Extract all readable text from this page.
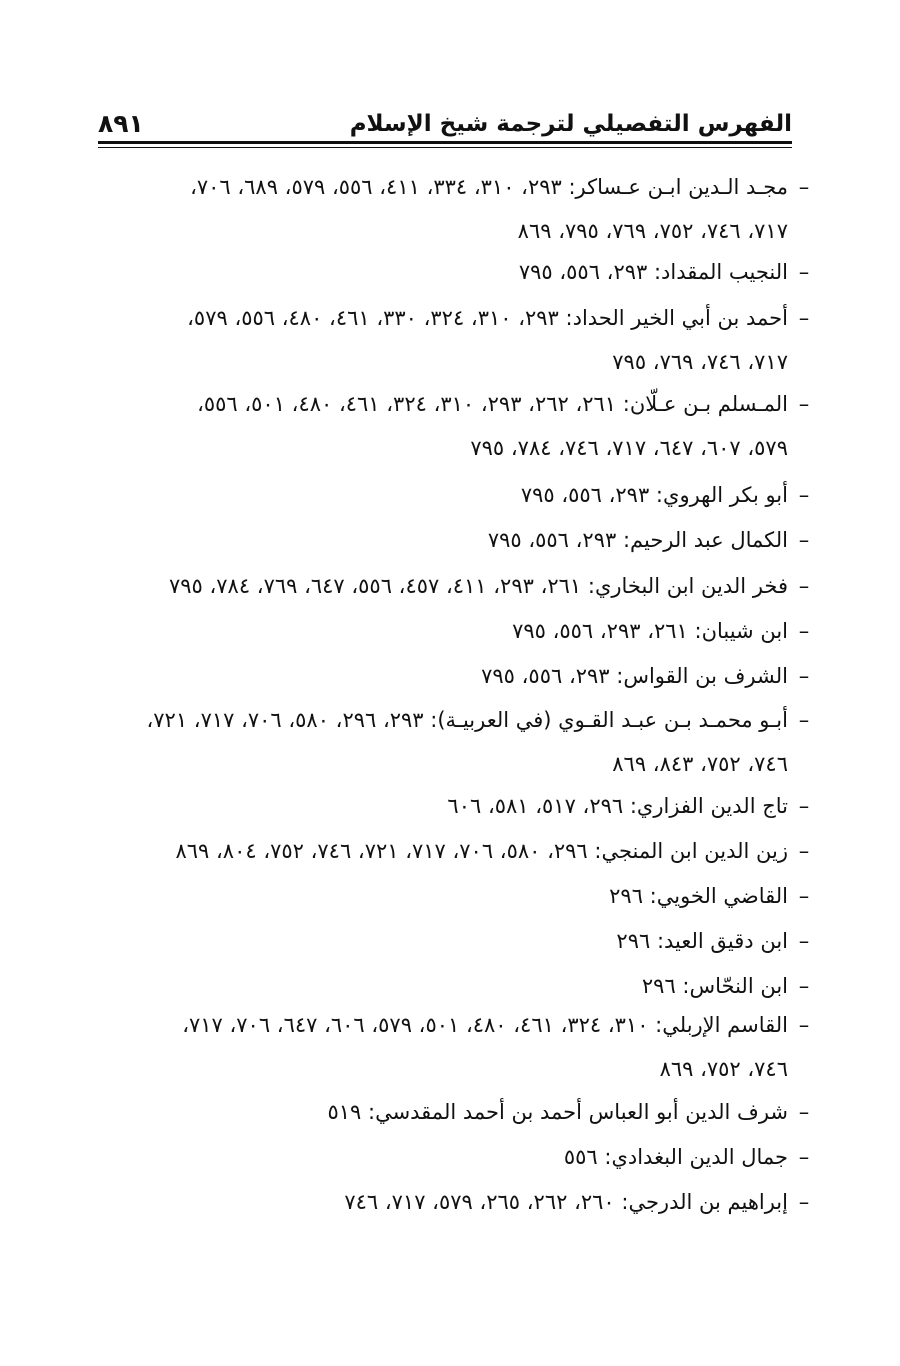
الفهرس التفصيلي لترجمة شيخ الإسلام
٨٩١
–مجـد الـدين ابـن عـساكر: ٢٩٣، ٣١٠، ٣٣٤، ٤١١، ٥٥٦، ٥٧٩، ٦٨٩، ٧٠٦،
٧١٧، ٧٤٦، ٧٥٢، ٧٦٩، ٧٩٥، ٨٦٩
–النجيب المقداد: ٢٩٣، ٥٥٦، ٧٩٥
–أحمد بن أبي الخير الحداد: ٢٩٣، ٣١٠، ٣٢٤، ٣٣٠، ٤٦١، ٤٨٠، ٥٥٦، ٥٧٩،
٧١٧، ٧٤٦، ٧٦٩، ٧٩٥
–المـسلم بـن عـلّان: ٢٦١، ٢٦٢، ٢٩٣، ٣١٠، ٣٢٤، ٤٦١، ٤٨٠، ٥٠١، ٥٥٦،
٥٧٩، ٦٠٧، ٦٤٧، ٧١٧، ٧٤٦، ٧٨٤، ٧٩٥
–أبو بكر الهروي: ٢٩٣، ٥٥٦، ٧٩٥
–الكمال عبد الرحيم: ٢٩٣، ٥٥٦، ٧٩٥
–فخر الدين ابن البخاري: ٢٦١، ٢٩٣، ٤١١، ٤٥٧، ٥٥٦، ٦٤٧، ٧٦٩، ٧٨٤، ٧٩٥
–ابن شيبان: ٢٦١، ٢٩٣، ٥٥٦، ٧٩٥
–الشرف بن القواس: ٢٩٣، ٥٥٦، ٧٩٥
–أبـو محمـد بـن عبـد القـوي (في العربيـة): ٢٩٣، ٢٩٦، ٥٨٠، ٧٠٦، ٧١٧، ٧٢١،
٧٤٦، ٧٥٢، ٨٤٣، ٨٦٩
–تاج الدين الفزاري: ٢٩٦، ٥١٧، ٥٨١، ٦٠٦
–زين الدين ابن المنجي: ٢٩٦، ٥٨٠، ٧٠٦، ٧١٧، ٧٢١، ٧٤٦، ٧٥٢، ٨٠٤، ٨٦٩
–القاضي الخويي: ٢٩٦
–ابن دقيق العيد: ٢٩٦
–ابن النحّاس: ٢٩٦
–القاسم الإربلي: ٣١٠، ٣٢٤، ٤٦١، ٤٨٠، ٥٠١، ٥٧٩، ٦٠٦، ٦٤٧، ٧٠٦، ٧١٧،
٧٤٦، ٧٥٢، ٨٦٩
–شرف الدين أبو العباس أحمد بن أحمد المقدسي: ٥١٩
–جمال الدين البغدادي: ٥٥٦
–إبراهيم بن الدرجي: ٢٦٠، ٢٦٢، ٢٦٥، ٥٧٩، ٧١٧، ٧٤٦
